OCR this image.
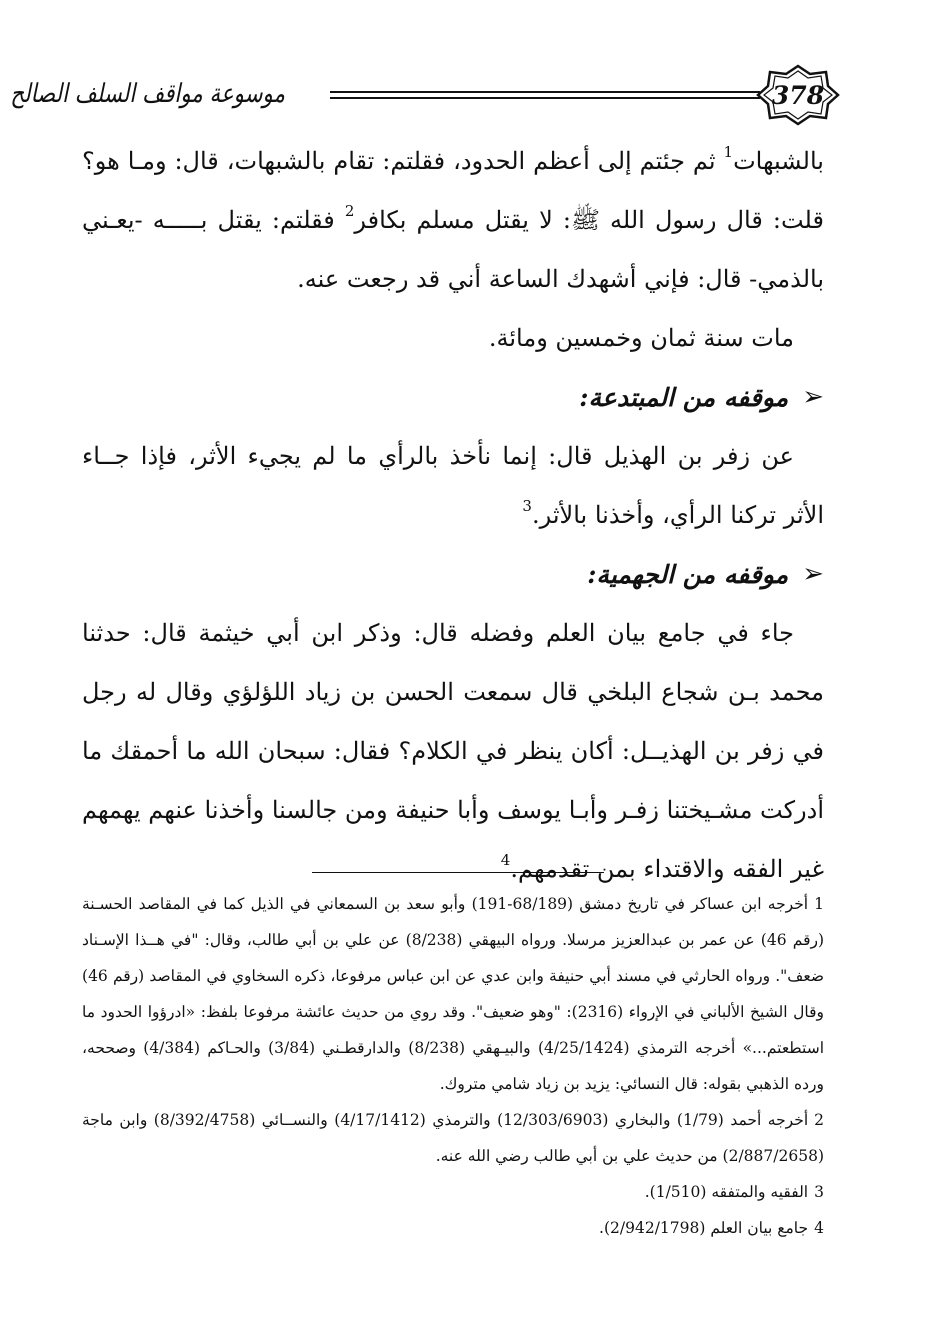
موسوعة مواقف السلف الصالح	378

بالشبهات$^1$ ثم جئتم إلى أعظم الحدود، فقلتم: تقام بالشبهات، قال: ومـا هو؟ قلت: قال رسول الله ﷺ: لا يقتل مسلم بكافر$^2$ فقلتم: يقتل بـــــه -يعـني بالذمي- قال: فإني أشهدك الساعة أني قد رجعت عنه.

مات سنة ثمان وخمسين ومائة.

➢
موقفه من المبتدعة:

عن زفر بن الهذيل قال: إنما نأخذ بالرأي ما لم يجيء الأثر، فإذا جــاء الأثر تركنا الرأي، وأخذنا بالأثر.$^3$

➢
موقفه من الجهمية:

جاء في جامع بيان العلم وفضله قال: وذكر ابن أبي خيثمة قال: حدثنا محمد بـن شجاع البلخي قال سمعت الحسن بن زياد اللؤلؤي وقال له رجل في زفر بن الهذيــل: أكان ينظر في الكلام؟ فقال: سبحان الله ما أحمقك ما أدركت مشـيختنا زفـر وأبـا يوسف وأبا حنيفة ومن جالسنا وأخذنا عنهم يهمهم غير الفقه والاقتداء بمن تقدمهم.$^4$

1أخرجه ابن عساكر في تاريخ دمشق (68/189-191) وأبو سعد بن السمعاني في الذيل كما في المقاصد الحسـنة (رقم 46) عن عمر بن عبدالعزيز مرسلا. ورواه البيهقي (8/238) عن علي بن أبي طالب، وقال: "في هــذا الإسـناد ضعف". ورواه الحارثي في مسند أبي حنيفة وابن عدي عن ابن عباس مرفوعا، ذكره السخاوي في المقاصد (رقم 46) وقال الشيخ الألباني في الإرواء (2316): "وهو ضعيف". وقد روي من حديث عائشة مرفوعا بلفظ: «ادرؤوا الحدود ما استطعتم...» أخرجه الترمذي (4/25/1424) والبيـهقي (8/238) والدارقطـني (3/84) والحـاكم (4/384) وصححه، ورده الذهبي بقوله: قال النسائي: يزيد بن زياد شامي متروك.

2أخرجه أحمد (1/79) والبخاري (12/303/6903) والترمذي (4/17/1412) والنســائي (8/392/4758) وابن ماجة (2/887/2658) من حديث علي بن أبي طالب رضي الله عنه.

3الفقيه والمتفقه (1/510).

4جامع بيان العلم (2/942/1798).
